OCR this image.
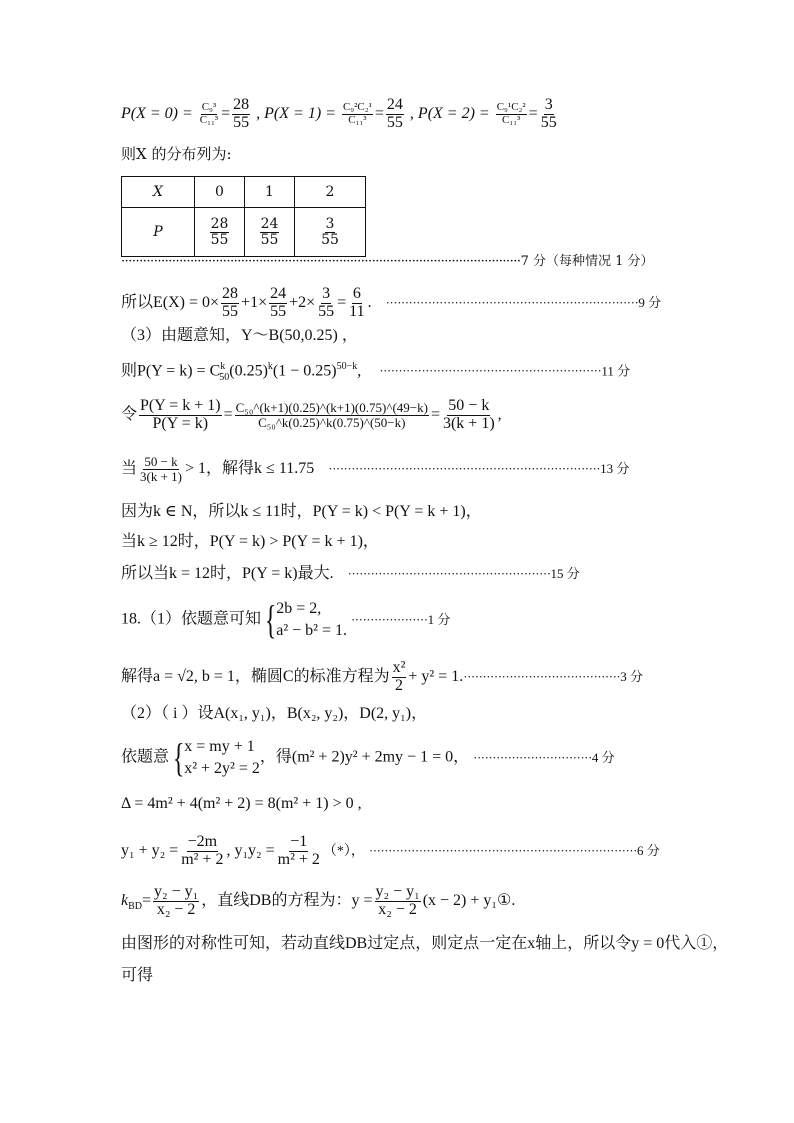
$P(X = 0) = \frac{\text{C₉³}}{\text{C₁₁³}} = \frac{28}{55}$ , $P(X = 1) = \frac{\text{C₉²C₂¹}}{\text{C₁₁³}} = \frac{24}{55}$ , $P(X = 2) = \frac{\text{C₉¹C₂²}}{\text{C₁₁³}} = \frac{3}{55}$
则X 的分布列为:
X	0	1	2
P	$\frac{28}{55}$	$\frac{24}{55}$	$\frac{3}{55}$
··············································································································7 分（每种情况 1 分）
所以$E(X) = 0\times \frac{28}{55} +1\times \frac{24}{55} +2\times \frac{3}{55} = \frac{6}{11}$ . ··································································9 分
（3）由题意知，Y～B(50,0.25) ，
则$P(Y = k) = C^k_{50}(0.25)^k(1 - 0.25)^{50-k}$, ··························································11 分
令 $\frac{P(Y = k + 1)}{P(Y = k)} = \frac{\text{C₅₀\textasciicircum{}(k+1)(0.25)\textasciicircum{}(k+1)(0.75)\textasciicircum{}(49−k)}}{\text{C₅₀\textasciicircum{}k(0.25)\textasciicircum{}k(0.75)\textasciicircum{}(50−k)}} = \frac{50 - k}{3(k + 1)}$ ,
当 $\frac{50 - k}{3(k + 1)} > 1$，解得k ≤ 11.75 ·······································································13 分
因为k ∈ N，所以k ≤ 11时，P(Y = k) < P(Y = k + 1)，
当k ≥ 12时，P(Y = k) > P(Y = k + 1)，
所以当k = 12时，P(Y = k)最大. ·····················································15 分
18.（1）依题意可知{ 2b = 2,
a² − b² = 1.
····················1 分
解得a = √2, b = 1，椭圆C的标准方程为 $\frac{\text{x²}}{2} + y^2 = 1.\cdot\cdot\cdot\cdot\cdot\cdot\cdot\cdot\cdot\cdot\cdot\cdot\cdot\cdot\cdot\cdot\cdot\cdot\cdot\cdot\cdot\cdot\cdot\cdot\cdot\cdot\cdot\cdot\cdot\cdot\cdot\cdot\cdot\cdot\cdot\cdot\cdot\cdot\cdot\cdot\cdot 3$ 分
（2）（ i ）设A(x₁, y₁)，B(x₂, y₂)，D(2, y₁)，
依题意{ x = my + 1
x² + 2y² = 2
，得(m² + 2)y² + 2my − 1 = 0， ·······························4 分
Δ = 4m² + 4(m² + 2) = 8(m² + 1) > 0 ,
$y_1 + y_2 = \frac{-2m}{\text{m² + 2}}$ , $y_1y_2 = \frac{-1}{\text{m² + 2}}$ （*）， ······································································6 分
$k_{BD}= \frac{\text{y₂ − y₁}}{\text{x₂ − 2}}$ ，直线DB的方程为：$y = \frac{\text{y₂ − y₁}}{\text{x₂ − 2}} (x - 2)$ + y₁①.
由图形的对称性可知，若动直线DB过定点，则定点一定在x轴上，所以令y = 0代入①，
可得
